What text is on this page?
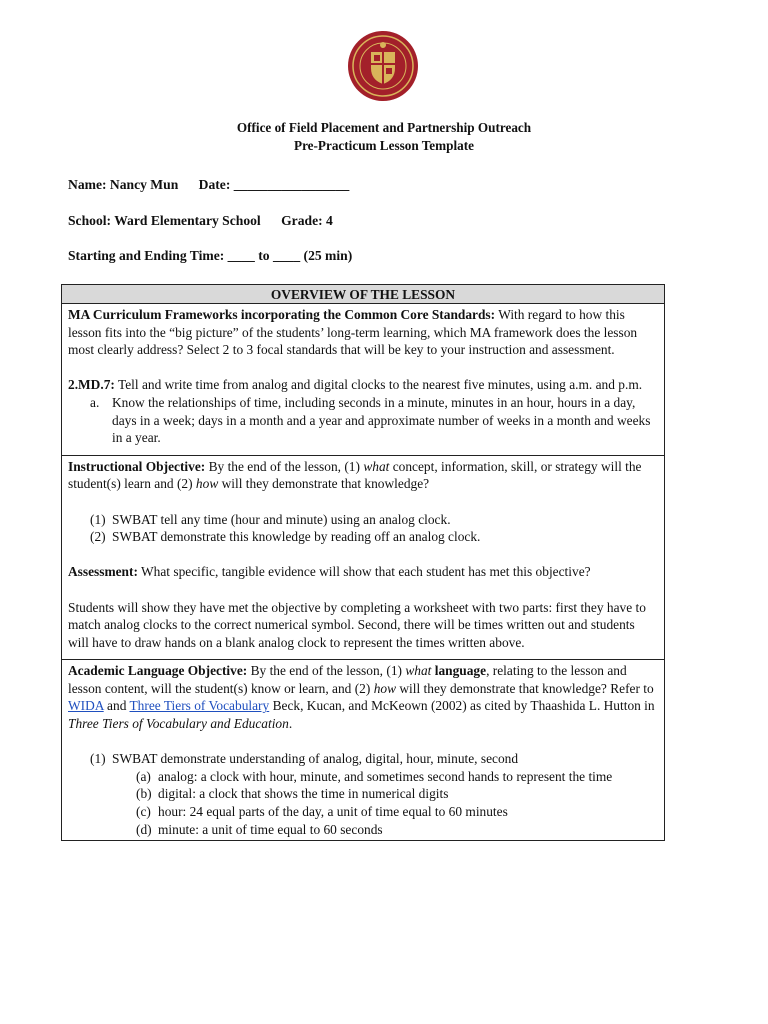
Office of Field Placement and Partnership Outreach
Pre-Practicum Lesson Template
Name: Nancy Mun      Date: _________________
School: Ward Elementary School      Grade: 4
Starting and Ending Time: ____ to ____ (25 min)
OVERVIEW OF THE LESSON

MA Curriculum Frameworks incorporating the Common Core Standards: With regard to how this lesson fits into the “big picture” of the students’ long-term learning, which MA framework does the lesson most clearly address? Select 2 to 3 focal standards that will be key to your instruction and assessment.

2.MD.7: Tell and write time from analog and digital clocks to the nearest five minutes, using a.m. and p.m.

a. Know the relationships of time, including seconds in a minute, minutes in an hour, hours in a day, days in a week; days in a month and a year and approximate number of weeks in a month and weeks in a year.

Instructional Objective: By the end of the lesson, (1) what concept, information, skill, or strategy will the student(s) learn and (2) how will they demonstrate that knowledge?

(1) SWBAT tell any time (hour and minute) using an analog clock.
(2) SWBAT demonstrate this knowledge by reading off an analog clock.

Assessment: What specific, tangible evidence will show that each student has met this objective?

Students will show they have met the objective by completing a worksheet with two parts: first they have to match analog clocks to the correct numerical symbol. Second, there will be times written out and students will have to draw hands on a blank analog clock to represent the times written above.

Academic Language Objective: By the end of the lesson, (1) what language, relating to the lesson and lesson content, will the student(s) know or learn, and (2) how will they demonstrate that knowledge? Refer to WIDA and Three Tiers of Vocabulary Beck, Kucan, and McKeown (2002) as cited by Thaashida L. Hutton in Three Tiers of Vocabulary and Education.

(1) SWBAT demonstrate understanding of analog, digital, hour, minute, second
(a) analog: a clock with hour, minute, and sometimes second hands to represent the time
(b) digital: a clock that shows the time in numerical digits
(c) hour: 24 equal parts of the day, a unit of time equal to 60 minutes
(d) minute: a unit of time equal to 60 seconds
